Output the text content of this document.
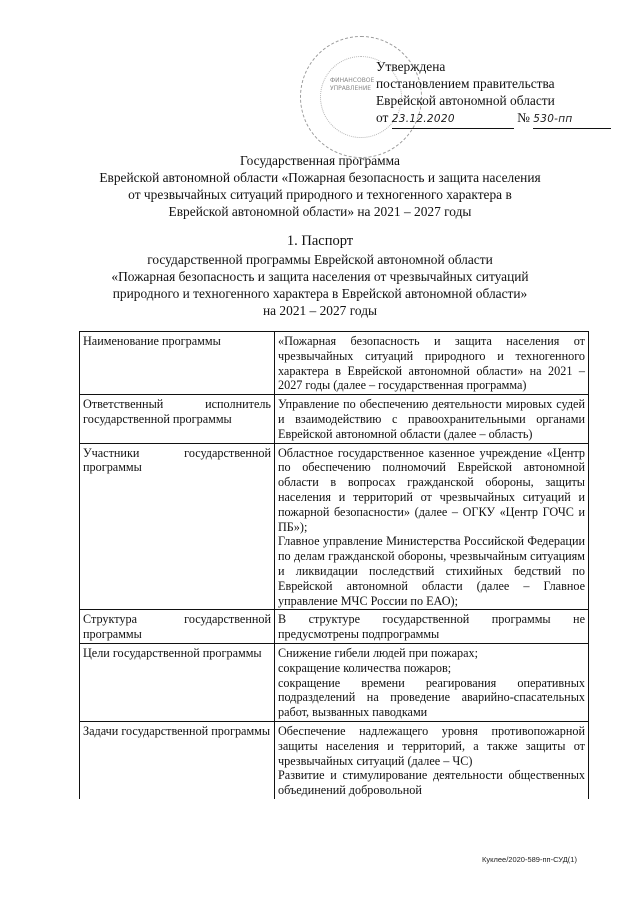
ФИНАНСОВОЕ УПРАВЛЕНИЕ
Утверждена
постановлением правительства
Еврейской автономной области
от 23.12.2020	№ 530-пп
Государственная программа
Еврейской автономной области «Пожарная безопасность и защита населения
от чрезвычайных ситуаций природного и техногенного характера в
Еврейской автономной области» на 2021 – 2027 годы
1. Паспорт
государственной программы Еврейской автономной области
«Пожарная безопасность и защита населения от чрезвычайных ситуаций
природного и техногенного характера в Еврейской автономной области»
на 2021 – 2027 годы
Наименование программы	«Пожарная безопасность и защита населения от чрезвычайных ситуаций природного и техногенного характера в Еврейской автономной области» на 2021 – 2027 годы (далее – государственная программа)

Ответственный исполнитель государственной программы	Управление по обеспечению деятельности мировых судей и взаимодействию с правоохранительными органами Еврейской автономной области (далее – область)

Участники государственной программы	Областное государственное казенное учреждение «Центр по обеспечению полномочий Еврейской автономной области в вопросах гражданской обороны, защиты населения и территорий от чрезвычайных ситуаций и пожарной безопасности» (далее – ОГКУ «Центр ГОЧС и ПБ»);
Главное управление Министерства Российской Федерации по делам гражданской обороны, чрезвычайным ситуациям и ликвидации последствий стихийных бедствий по Еврейской автономной области (далее – Главное управление МЧС России по ЕАО);

Структура государственной программы	В структуре государственной программы не предусмотрены подпрограммы

Цели государственной программы	Снижение гибели людей при пожарах;
сокращение количества пожаров;
сокращение времени реагирования оперативных подразделений на проведение аварийно-спасательных работ, вызванных паводками

Задачи государственной программы	Обеспечение надлежащего уровня противопожарной защиты населения и территорий, а также защиты от чрезвычайных ситуаций (далее – ЧС)
Развитие и стимулирование деятельности общественных объединений добровольной
Куклее/2020-589-пп-СУД(1)
